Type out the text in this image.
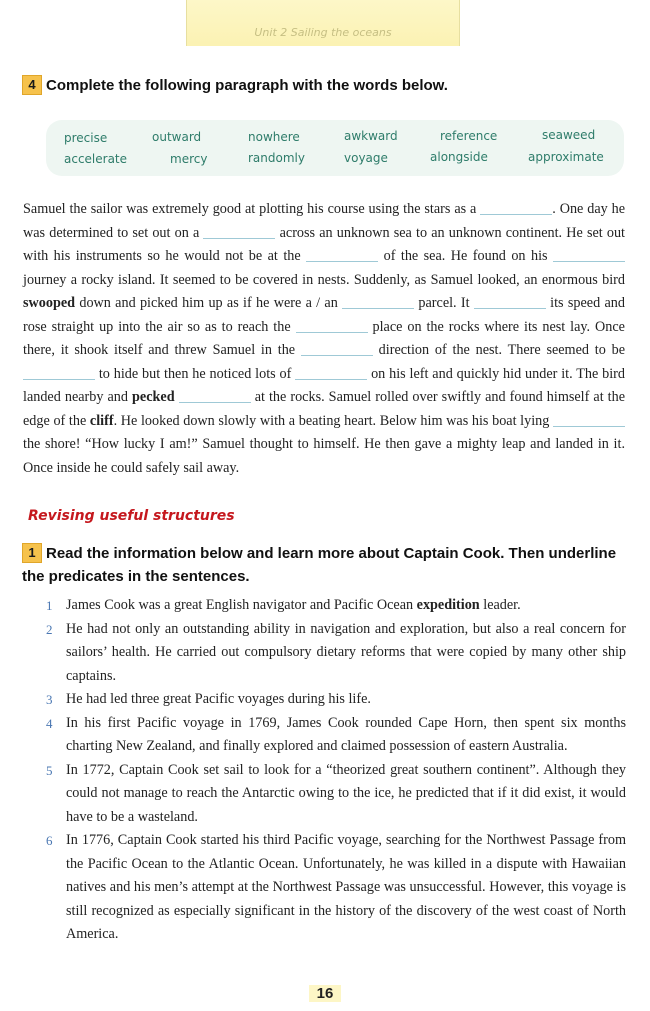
Unit 2 Sailing the oceans
4 Complete the following paragraph with the words below.
precise	outward	nowhere	awkward	reference	seaweed
accelerate	mercy	randomly	voyage	alongside	approximate
Samuel the sailor was extremely good at plotting his course using the stars as a	. One day he was determined to set out on a	across an unknown sea to an unknown continent. He set out with his instruments so he would not be at the	of the sea. He found on his  journey a rocky island. It seemed to be covered in nests. Suddenly, as Samuel looked, an enormous bird swooped down and picked him up as if he were a / an	parcel. It	its speed and rose straight up into the air so as to reach the	place on the rocks where its nest lay. Once there, it shook itself and threw Samuel in the	direction of the nest. There seemed to be  to hide but then he noticed lots of	on his left and quickly hid under it. The bird landed nearby and pecked	at the rocks. Samuel rolled over swiftly and found himself at the edge of the cliff. He looked down slowly with a beating heart. Below him was his boat lying  the shore! “How lucky I am!” Samuel thought to himself. He then gave a mighty leap and landed in it. Once inside he could safely sail away.
Revising useful structures
1 Read the information below and learn more about Captain Cook. Then underline the predicates in the sentences.
1 James Cook was a great English navigator and Pacific Ocean expedition leader.
2 He had not only an outstanding ability in navigation and exploration, but also a real concern for sailors’ health. He carried out compulsory dietary reforms that were copied by many other ship captains.
3 He had led three great Pacific voyages during his life.
4 In his first Pacific voyage in 1769, James Cook rounded Cape Horn, then spent six months charting New Zealand, and finally explored and claimed possession of eastern Australia.
5 In 1772, Captain Cook set sail to look for a “theorized great southern continent”. Although they could not manage to reach the Antarctic owing to the ice, he predicted that if it did exist, it would have to be a wasteland.
6 In 1776, Captain Cook started his third Pacific voyage, searching for the Northwest Passage from the Pacific Ocean to the Atlantic Ocean. Unfortunately, he was killed in a dispute with Hawaiian natives and his men’s attempt at the Northwest Passage was unsuccessful. However, this voyage is still recognized as especially significant in the history of the discovery of the west coast of North America.
16
